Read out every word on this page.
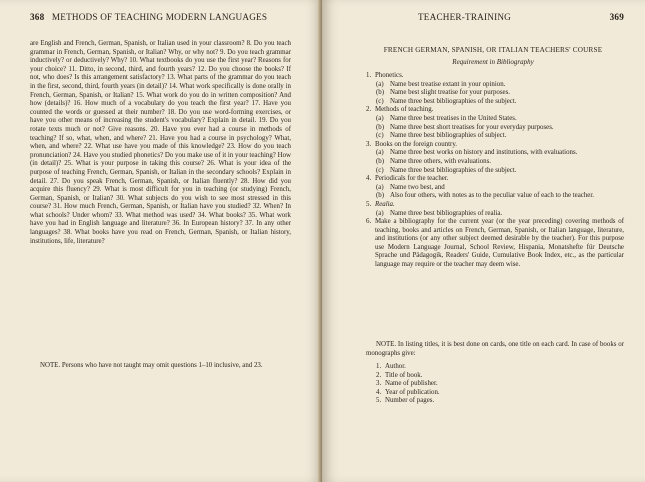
368 METHODS OF TEACHING MODERN LANGUAGES
are English and French, German, Spanish, or Italian used in your classroom? 8. Do you teach grammar in French, German, Spanish, or Italian? Why, or why not? 9. Do you teach grammar inductively? or deductively? Why? 10. What textbooks do you use the first year? Reasons for your choice? 11. Ditto, in second, third, and fourth years? 12. Do you choose the books? If not, who does? Is this arrangement satisfactory? 13. What parts of the grammar do you teach in the first, second, third, fourth years (in detail)? 14. What work specifically is done orally in French, German, Spanish, or Italian? 15. What work do you do in written composition? And how (details)? 16. How much of a vocabulary do you teach the first year? 17. Have you counted the words or guessed at their number? 18. Do you use word-forming exercises, or have you other means of increasing the student's vocabulary? Explain in detail. 19. Do you rotate texts much or not? Give reasons. 20. Have you ever had a course in methods of teaching? If so, what, when, and where? 21. Have you had a course in psychology? What, when, and where? 22. What use have you made of this knowledge? 23. How do you teach pronunciation? 24. Have you studied phonetics? Do you make use of it in your teaching? How (in detail)? 25. What is your purpose in taking this course? 26. What is your idea of the purpose of teaching French, German, Spanish, or Italian in the secondary schools? Explain in detail. 27. Do you speak French, German, Spanish, or Italian fluently? 28. How did you acquire this fluency? 29. What is most difficult for you in teaching (or studying) French, German, Spanish, or Italian? 30. What subjects do you wish to see most stressed in this course? 31. How much French, German, Spanish, or Italian have you studied? 32. When? In what schools? Under whom? 33. What method was used? 34. What books? 35. What work have you had in English language and literature? 36. In European history? 37. In any other languages? 38. What books have you read on French, German, Spanish, or Italian history, institutions, life, literature?
NOTE. Persons who have not taught may omit questions 1–10 inclusive, and 23.
TEACHER-TRAINING	369
FRENCH GERMAN, SPANISH, OR ITALIAN TEACHERS' COURSE
Requirement in Bibliography
1. Phonetics.
(a) Name best treatise extant in your opinion.
(b) Name best slight treatise for your purposes.
(c) Name three best bibliographies of the subject.
2. Methods of teaching.
(a) Name three best treatises in the United States.
(b) Name three best short treatises for your everyday purposes.
(c) Name three best bibliographies of subject.
3. Books on the foreign country.
(a) Name three best works on history and institutions, with evaluations.
(b) Name three others, with evaluations.
(c) Name three best bibliographies of the subject.
4. Periodicals for the teacher.
(a) Name two best, and
(b) Also four others, with notes as to the peculiar value of each to the teacher.
5. Realia.
(a) Name three best bibliographies of realia.
6. Make a bibliography for the current year (or the year preceding) covering methods of teaching, books and articles on French, German, Spanish, or Italian language, literature, and institutions (or any other subject deemed desirable by the teacher). For this purpose use Modern Language Journal, School Review, Hispania, Monatshefte für Deutsche Sprache und Pädagogik, Readers' Guide, Cumulative Book Index, etc., as the particular language may require or the teacher may deem wise.
NOTE. In listing titles, it is best done on cards, one title on each card. In case of books or monographs give:
1. Author.
2. Title of book.
3. Name of publisher.
4. Year of publication.
5. Number of pages.
